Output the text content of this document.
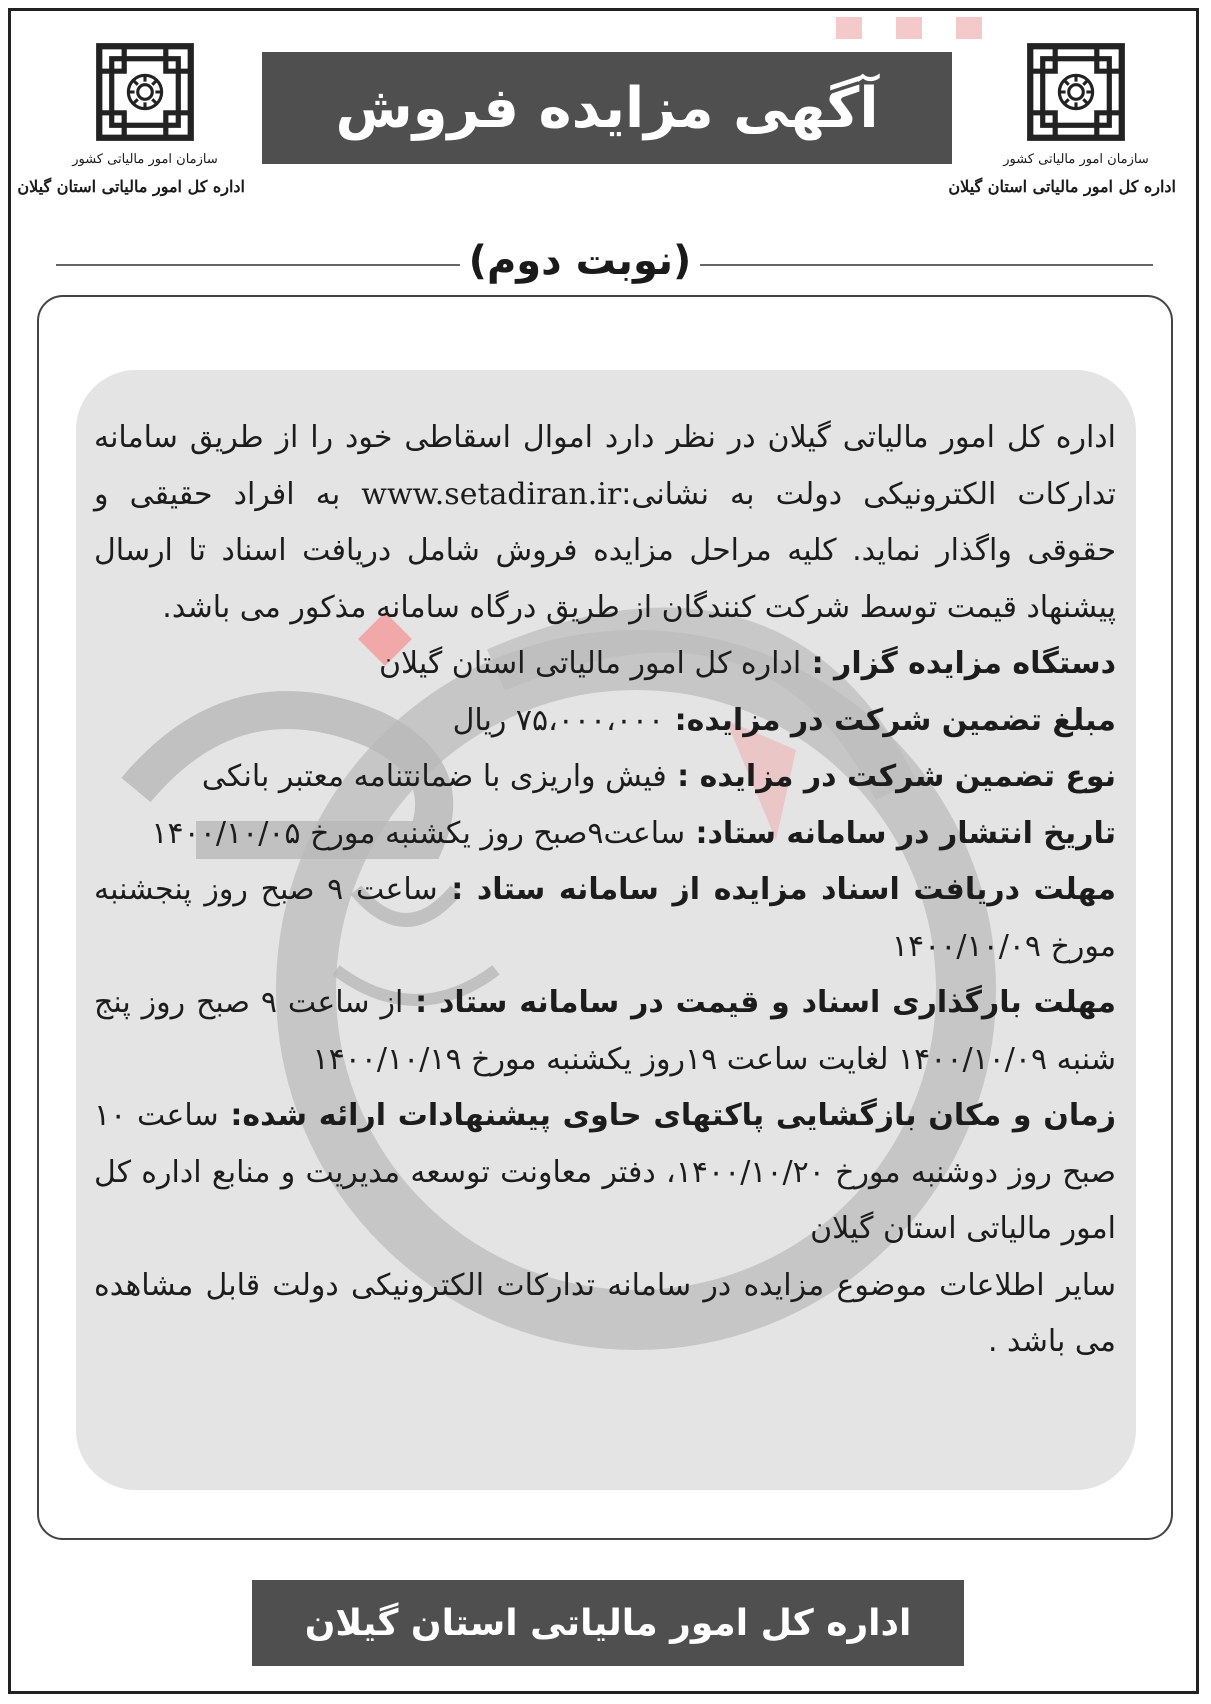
سازمان امور مالیاتی کشور
اداره کل امور مالیاتی استان گیلان
سازمان امور مالیاتی کشور
اداره کل امور مالیاتی استان گیلان
آگهی مزایده فروش
(نوبت دوم)

اداره کل امور مالیاتی گیلان در نظر دارد اموال اسقاطی خود را از طریق سامانه تدارکات الکترونیکی دولت به نشانی:www.setadiran.ir به افراد حقیقی و حقوقی واگذار نماید. کلیه مراحل مزایده فروش شامل دریافت اسناد تا ارسال پیشنهاد قیمت توسط شرکت کنندگان از طریق درگاه سامانه مذکور می باشد.

دستگاه مزایده گزار : اداره کل امور مالیاتی استان گیلان

مبلغ تضمین شرکت در مزایده: ۷۵،۰۰۰،۰۰۰ ریال

نوع تضمین شرکت در مزایده : فیش واریزی با ضمانتنامه معتبر بانکی

تاریخ انتشار در سامانه ستاد: ساعت۹صبح روز یکشنبه مورخ ۱۴۰۰/۱۰/۰۵

مهلت دریافت اسناد مزایده از سامانه ستاد : ساعت ۹ صبح روز پنجشنبه مورخ ۱۴۰۰/۱۰/۰۹

مهلت بارگذاری اسناد و قیمت در سامانه ستاد : از ساعت ۹ صبح روز پنج شنبه ۱۴۰۰/۱۰/۰۹ لغایت ساعت ۱۹روز یکشنبه مورخ ۱۴۰۰/۱۰/۱۹

زمان و مکان بازگشایی پاکتهای حاوی پیشنهادات ارائه شده: ساعت ۱۰ صبح روز دوشنبه مورخ ۱۴۰۰/۱۰/۲۰، دفتر معاونت توسعه مدیریت و منابع اداره کل امور مالیاتی استان گیلان

سایر اطلاعات موضوع مزایده در سامانه تدارکات الکترونیکی دولت قابل مشاهده می باشد .

اداره کل امور مالیاتی استان گیلان
